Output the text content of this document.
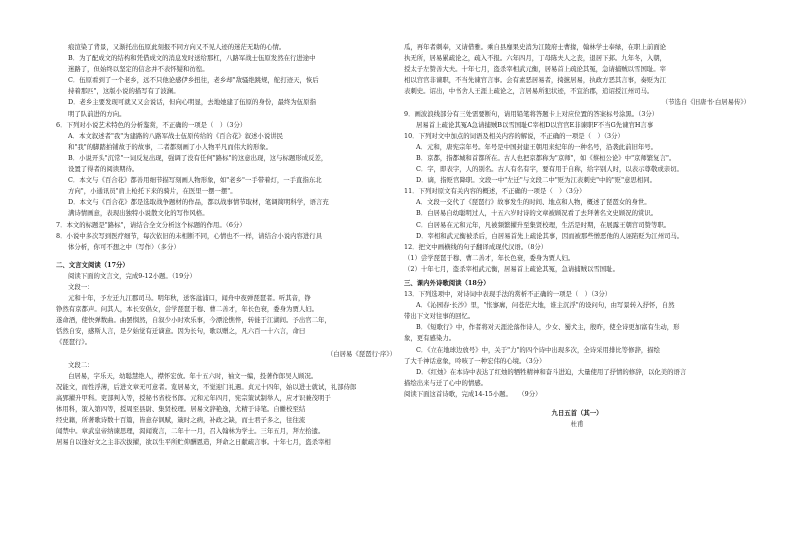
痕渲染了背景，又渐托出伍原此刻报不同方向又不见人迹的迷茫无助的心情。

B．为了配成文的结构和凭借成文的消息发时送给那杠，八路军战士伍原发然在行进途中

迷路了，但始终以坚定的信念并不表怀疑和彷徨。

C．伍原看到了一个老乡，远不只他论感伊乡扭往，老乡却"敌骚绝跳规，舵打迹天，恢后

持着那匹"，这版小说的描写有了波澜。

D．老乡主要发现可就又又会说话，但向心明显，去地她建了伍原的身份，最终为伍原指

明了队前进的方向。

6．下列对小说艺术特色的分析鉴赏，不正确的一项是（　）（3分）

A．本文叙述者"我"为建路的八路军战士伍原传给的《百合花》叙述小说讲民

和"我"的脚踏拍铺故于的故事，二者都刻画了小人物平凡而伟大的形象。

B．小说开头"沉常"一词反复出现，强调了没有任何"路标"的这意出现，这与标题形成反差，

设置了得者的阅读期待。

C．本文与《百合花》都善用细节描写刻画人物形象，如"老乡"一手带着灯，一手直指东北

方向"，小通讯员"肩上枪托下来的骑片，在医里一摆一摆"。

D．本文与《百合花》都是选取战争题材的作品，都以战事情节取材，笔调简明科学，语言充

满诗情画意，表现出独特小说散文化的写作风格。

7．本文的标题是"路标"，请结合全文分析这个标题的作用。（6分）

8．小说中多次写到医疗细节，每次依旧的未相断不同，心情也不一样，请结合小说内容进行具

体分析，你可不想之中（写作）（多分）

二、文言文阅读（17分）

阅读下面的文言文，完成9-12小题。（19分）

文段一：

元和十年，予左迁九江郡司马。明年秋，送客湓浦口，闻舟中夜弹琵琶者。听其音，铮

铮然有京都声。问其人，本长安倡女，尝学琵琶于穆、曹二善才，年长色衰，委身为贾人妇。

遂命酒，使快弹数曲。曲罢悯然，自叙少小时欢乐事，今漂沦憔悴，转徙于江湖间。予出官二年，

恬然自安，感斯人言，是夕始觉有迁谪意。因为长句，歌以赠之，凡六百一十六言，命曰

《琵琶行》。

（白居易《琵琶行·序》）

文段二：

白居易，字乐天，幼聪慧绝人，襟怀宏放。年十五六时，袖文一编，投著作郎吴人顾况。

况能文，而性浮薄，后进文章无可意者。览居易文，不觉迎门礼遇。贞元十四年，始以进士就试，礼部侍郎

高郢擢升甲科。吏部判入等，授秘书省校书郎。元和元年四月，宪宗策试制举人，应才识兼茂明于

体用科，策入第四等，授周至县尉、集贤校理。居易文辞艳逸，尤精于诗笔。自雠校至结

经史籍，所著歌诗数十百篇，皆意存讽赋，箴时之病，补政之缺，而士君子多之，往往流

闻禁中。章武皇帝纳谏思理，渴闻谠言，二年十一月，召入翰林为学士。三年五月，拜左拾遗。

居易自以逢好文之主非次拔擢，欲以生平所贮仰酬恩造，拜命之日献疏言事。十年七月，盗杀宰相

瓜，再年者刺奉，又请借雅。乘自县靡果史消为江陵府士曹掾，翰林学士奉绿，在职上前面论

执无所，居易累疏论之，疏入不报。六年四月，丁母陈夫人之丧，退居下邽。九年冬，入朝，

授太子左赞善大夫。十年七月，盗杀宰相武元衡，居易首上疏论其冤，急请捕贼以雪国耻。宰

相以宫官非谏职，不当先谏官言事。会有素恶居易者，掎摭居易，执政方恶其言事，奏贬为江

表刺史。诏出，中书舍人王涯上疏论之，言居易所犯状迹，不宜治郡，追诏授江州司马。

（节选自《旧唐书·白居易传》）

9．画波浪线部分有三处需要断句，请用铅笔将答题卡上对应位置的答案标号涂黑。（3分）

居易首上疏论其冤A急请捕贼B以雪国耻C宰相D以宫官E非谏职F不当G先谏官H言事

10．下列对文中加点的词语及相关内容的解说，不正确的一项是（　）（3分）

A．元和，唐宪宗年号。年号是中国封建王朝用来纪年的一种名号，沿袭此前旧年号。

B．京都，指都城和首都所在。古人也把京都称为"京师"，如《蔡桓公论》中"京师繁复言"。

C．字，即表字，人的别名。古人有名有字，要有用于自称，给字别人时，以表示尊敬或亲切。

D．谪，指贬官降职。文段一中"左迁"与文段二中"贬为江表刺史"中的"贬"意思相同。

11．下列对原文有关内容的概述，不正确的一项是（　）（3分）

A．文段一交代了《琵琶行》故事发生的时间、地点和人物，概述了琵琶女的身世。

B．白居易自幼聪明过人，十五六岁时诗的文章被顾况看了去拜著名文史顾况的赏识。

C．白居易在元和元年，凡被频繁擢升至集贤校理，生活是时期，在展露王朝宫司赞等职。

D．宰相和武元衡被杀后，白居易首先上疏论其事，因而被那些憎恶他的人诬陷贬为江州司马。

12．把文中画横线的句子翻译成现代汉语。（8分）

（1）尝学琵琶于穆、曹二善才，年长色衰，委身为贾人妇。

（2）十年七月，盗杀宰相武元衡，居易首上疏论其冤，急请捕贼以雪国耻。

三、课内外诗歌阅读（18分）

13．下列选项中，对诗词中表现手法的赏析不正确的一项是（　）（3分）

A．《沁园春·长沙》里，"怅寥廓，问苍茫大地，谁主沉浮"的设问句，由写景转入抒怀，自然

带出下文对往事的回忆。

B．《短歌行》中，作者将对天涯沦落作诗人，少女、蜀犬主，殷昨，使全诗更加富有生动，形

象，更有感染力。

C．《立在地球边放号》中，关于"力"的四个诗中出现多次，全诗采用排比等修辞，描绘

了大千神话意象，呤咳了一种宏伟的心境。（3分）

D．《红烛》在本诗中表达了红烛的牺牲精神和奋斗进迫，大量使用了抒情的修辞，以化美的语言

描绘出来与迁了心中的情感。

阅读下面这首诗歌，完成14-15小题。　　（9分）

九日五首（其一）

杜甫
